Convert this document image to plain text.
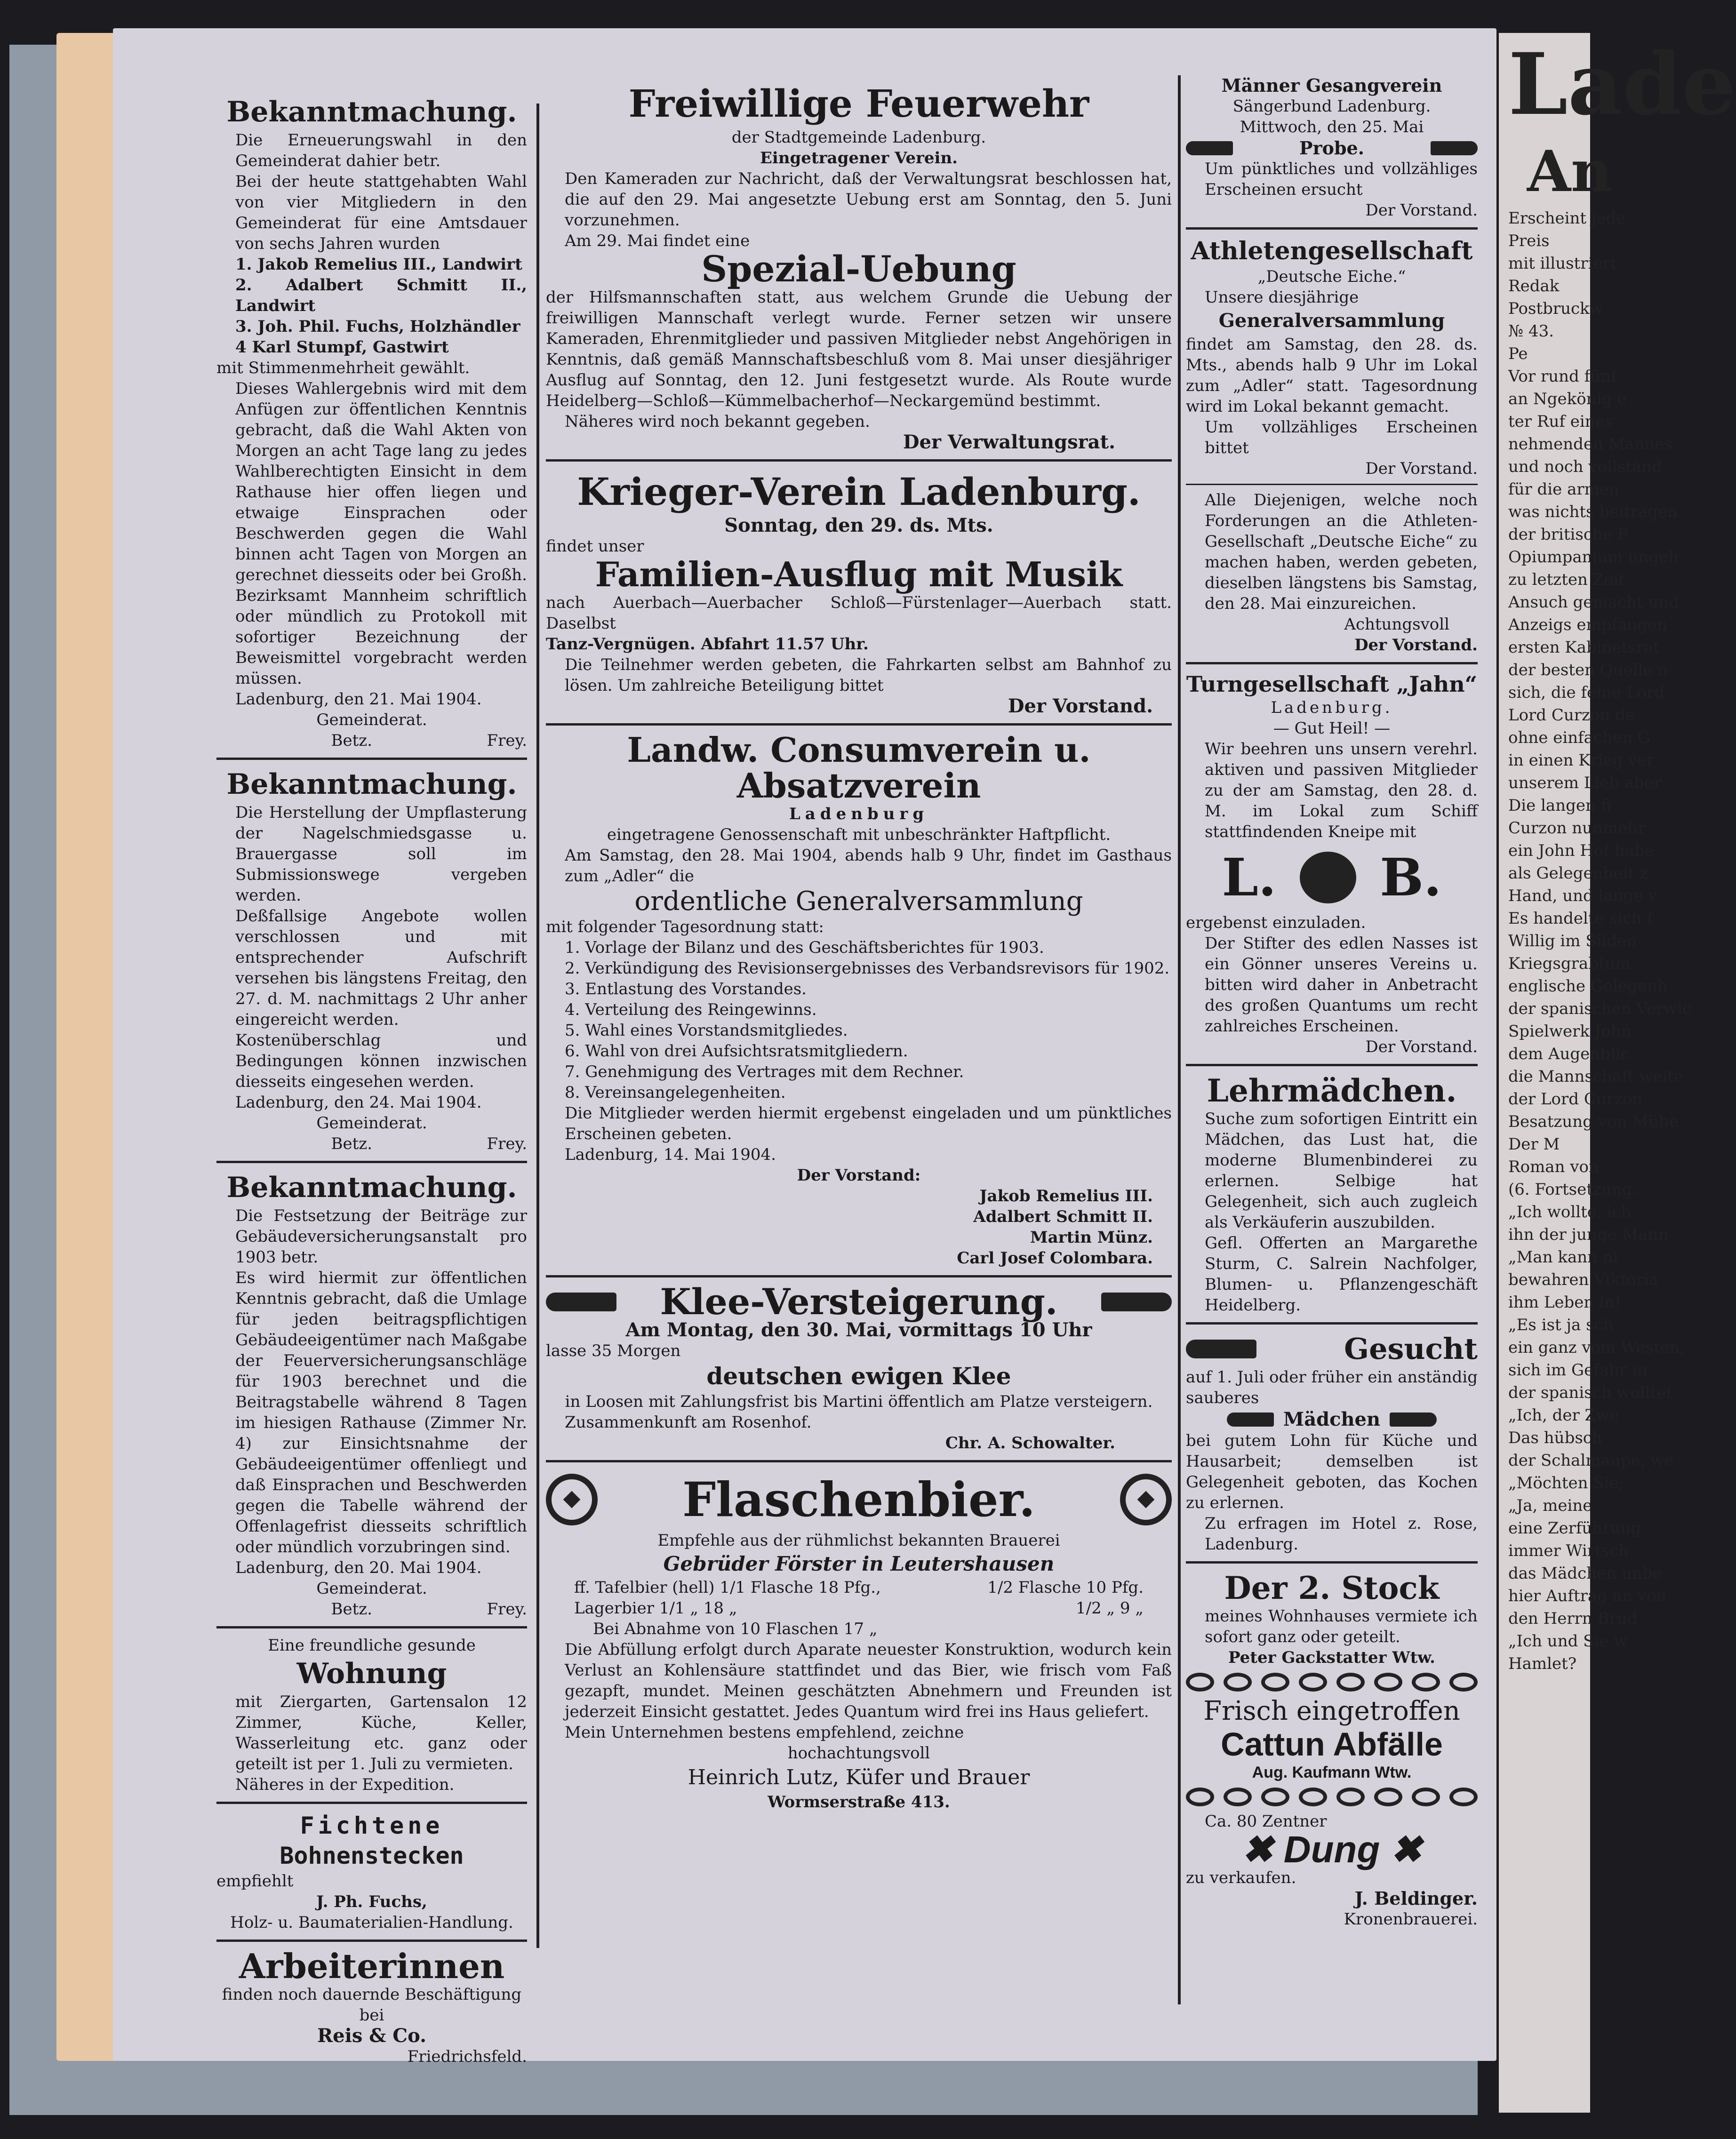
Bekanntmachung.

Die Erneuerungswahl in den Gemeinderat dahier betr.

Bei der heute stattgehabten Wahl von vier Mitgliedern in den Gemeinderat für eine Amtsdauer von sechs Jahren wurden

1. Jakob Remelius III., Landwirt

2. Adalbert Schmitt II., Landwirt

3. Joh. Phil. Fuchs, Holzhändler

4 Karl Stumpf, Gastwirt

mit Stimmenmehrheit gewählt.

Dieses Wahlergebnis wird mit dem Anfügen zur öffentlichen Kenntnis gebracht, daß die Wahl Akten von Morgen an acht Tage lang zu jedes Wahlberechtigten Einsicht in dem Rathause hier offen liegen und etwaige Einsprachen oder Beschwerden gegen die Wahl binnen acht Tagen von Morgen an gerechnet diesseits oder bei Großh. Bezirksamt Mannheim schriftlich oder mündlich zu Protokoll mit sofortiger Bezeichnung der Beweismittel vorgebracht werden müssen.

Ladenburg, den 21. Mai 1904.

Gemeinderat.

Betz.	Frey.
Bekanntmachung.

Die Herstellung der Umpflasterung der Nagelschmiedsgasse u. Brauergasse soll im Submissionswege vergeben werden.

Deßfallsige Angebote wollen verschlossen und mit entsprechender Aufschrift versehen bis längstens Freitag, den 27. d. M. nachmittags 2 Uhr anher eingereicht werden.

Kostenüberschlag und Bedingungen können inzwischen diesseits eingesehen werden.

Ladenburg, den 24. Mai 1904.

Gemeinderat.

Betz.	Frey.
Bekanntmachung.

Die Festsetzung der Beiträge zur Gebäudeversicherungsanstalt pro 1903 betr.

Es wird hiermit zur öffentlichen Kenntnis gebracht, daß die Umlage für jeden beitragspflichtigen Gebäudeeigentümer nach Maßgabe der Feuerversicherungsanschläge für 1903 berechnet und die Beitragstabelle während 8 Tagen im hiesigen Rathause (Zimmer Nr. 4) zur Einsichtsnahme der Gebäudeeigentümer offenliegt und daß Einsprachen und Beschwerden gegen die Tabelle während der Offenlagefrist diesseits schriftlich oder mündlich vorzubringen sind.

Ladenburg, den 20. Mai 1904.

Gemeinderat.

Betz.	Frey.

Eine freundliche gesunde

Wohnung

mit Ziergarten, Gartensalon 12 Zimmer, Küche, Keller, Wasserleitung etc. ganz oder geteilt ist per 1. Juli zu vermieten.

Näheres in der Expedition.

Fichtene
Bohnenstecken

empfiehlt

J. Ph. Fuchs,

Holz- u. Baumaterialien-Handlung.

Arbeiterinnen

finden noch dauernde Beschäftigung bei

Reis & Co.

Friedrichsfeld.

Freiwillige Feuerwehr

der Stadtgemeinde Ladenburg.

Eingetragener Verein.

Den Kameraden zur Nachricht, daß der Verwaltungsrat beschlossen hat, die auf den 29. Mai angesetzte Uebung erst am Sonntag, den 5. Juni vorzunehmen.

Am 29. Mai findet eine

Spezial-Uebung

der Hilfsmannschaften statt, aus welchem Grunde die Uebung der freiwilligen Mannschaft verlegt wurde. Ferner setzen wir unsere Kameraden, Ehrenmitglieder und passiven Mitglieder nebst Angehörigen in Kenntnis, daß gemäß Mannschaftsbeschluß vom 8. Mai unser diesjähriger Ausflug auf Sonntag, den 12. Juni festgesetzt wurde. Als Route wurde Heidelberg—Schloß—Kümmelbacherhof—Neckargemünd bestimmt.

Näheres wird noch bekannt gegeben.

Der Verwaltungsrat.

Krieger-Verein Ladenburg.

Sonntag, den 29. ds. Mts.

findet unser

Familien-Ausflug mit Musik

nach Auerbach—Auerbacher Schloß—Fürstenlager—Auerbach statt. Daselbst

Tanz-Vergnügen. Abfahrt 11.57 Uhr.

Die Teilnehmer werden gebeten, die Fahrkarten selbst am Bahnhof zu lösen. Um zahlreiche Beteiligung bittet

Der Vorstand.

Landw. Consumverein u. Absatzverein

Ladenburg

eingetragene Genossenschaft mit unbeschränkter Haftpflicht.

Am Samstag, den 28. Mai 1904, abends halb 9 Uhr, findet im Gasthaus zum „Adler“ die

ordentliche Generalversammlung

mit folgender Tagesordnung statt:

1. Vorlage der Bilanz und des Geschäftsberichtes für 1903.

2. Verkündigung des Revisionsergebnisses des Verbandsrevisors für 1902.

3. Entlastung des Vorstandes.

4. Verteilung des Reingewinns.

5. Wahl eines Vorstandsmitgliedes.

6. Wahl von drei Aufsichtsratsmitgliedern.

7. Genehmigung des Vertrages mit dem Rechner.

8. Vereinsangelegenheiten.

Die Mitglieder werden hiermit ergebenst eingeladen und um pünktliches Erscheinen gebeten.

Ladenburg, 14. Mai 1904.

Der Vorstand:

Jakob Remelius III.

Adalbert Schmitt II.

Martin Münz.

Carl Josef Colombara.

Klee-Versteigerung.

Am Montag, den 30. Mai, vormittags 10 Uhr

lasse 35 Morgen

deutschen ewigen Klee

in Loosen mit Zahlungsfrist bis Martini öffentlich am Platze versteigern.

Zusammenkunft am Rosenhof.

Chr. A. Schowalter.

Flaschenbier.

Empfehle aus der rühmlichst bekannten Brauerei

Gebrüder Förster in Leutershausen
ff. Tafelbier (hell) 1/1 Flasche 18 Pfg.,	1/2 Flasche 10 Pfg.
Lagerbier 1/1 „ 18 „	1/2 „ 9 „

Bei Abnahme von 10 Flaschen 17 „

Die Abfüllung erfolgt durch Aparate neuester Konstruktion, wodurch kein Verlust an Kohlensäure stattfindet und das Bier, wie frisch vom Faß gezapft, mundet. Meinen geschätzten Abnehmern und Freunden ist jederzeit Einsicht gestattet. Jedes Quantum wird frei ins Haus geliefert.

Mein Unternehmen bestens empfehlend, zeichne

hochachtungsvoll

Heinrich Lutz, Küfer und Brauer

Wormserstraße 413.

Männer Gesangverein

Sängerbund Ladenburg.

Mittwoch, den 25. Mai

Probe.

Um pünktliches und vollzähliges Erscheinen ersucht

Der Vorstand.

Athletengesellschaft

„Deutsche Eiche.“

Unsere diesjährige

Generalversammlung

findet am Samstag, den 28. ds. Mts., abends halb 9 Uhr im Lokal zum „Adler“ statt. Tagesordnung wird im Lokal bekannt gemacht.

Um vollzähliges Erscheinen bittet

Der Vorstand.

Alle Diejenigen, welche noch Forderungen an die Athleten-Gesellschaft „Deutsche Eiche“ zu machen haben, werden gebeten, dieselben längstens bis Samstag, den 28. Mai einzureichen.

Achtungsvoll

Der Vorstand.

Turngesellschaft „Jahn“

Ladenburg.

— Gut Heil! —

Wir beehren uns unsern verehrl. aktiven und passiven Mitglieder zu der am Samstag, den 28. d. M. im Lokal zum Schiff stattfindenden Kneipe mit

L. B.

ergebenst einzuladen.

Der Stifter des edlen Nasses ist ein Gönner unseres Vereins u. bitten wird daher in Anbetracht des großen Quantums um recht zahlreiches Erscheinen.

Der Vorstand.

Lehrmädchen.

Suche zum sofortigen Eintritt ein Mädchen, das Lust hat, die moderne Blumenbinderei zu erlernen. Selbige hat Gelegenheit, sich auch zugleich als Verkäuferin auszubilden.

Gefl. Offerten an Margarethe Sturm, C. Salrein Nachfolger, Blumen- u. Pflanzengeschäft Heidelberg.

Gesucht

auf 1. Juli oder früher ein anständig sauberes

Mädchen

bei gutem Lohn für Küche und Hausarbeit; demselben ist Gelegenheit geboten, das Kochen zu erlernen.

Zu erfragen im Hotel z. Rose, Ladenburg.

Der 2. Stock

meines Wohnhauses vermiete ich sofort ganz oder geteilt.

Peter Gackstatter Wtw.

Frisch eingetroffen
Cattun Abfälle

Aug. Kaufmann Wtw.

Ca. 80 Zentner

✖ Dung ✖

zu verkaufen.

J. Beldinger.

Kronenbrauerei.

Lade
An
Erscheint jede
Preis
mit illustriert
Redak
Postbruckw
№ 43.
Pe
Vor rund fünf
an Ngekönig e
ter Ruf eines
nehmenden Mannes
und noch vollständ
für die armen
was nichts beitragen
der britische P
Opiumpanium ungeh
zu letzten Zeit
Ansuch gemacht und
Anzeigs empfangen
ersten Kabinetsrat
der besten Quelle n
sich, die feine Lord
Lord Curzon de
ohne einfachen G
in einen Krieg ver
unserem Lieb aber
Die langen fi
Curzon nunmehr
ein John Hof habe
als Gelegenheit z
Hand, und lange v
Es handelte sich f
Willig im Süden
Kriegsgrabtum
englische Gelegenh
der spanischen Verwic
Spielwerk John
dem Augenblic
die Mannschaft weite
der Lord Curzon
Besatzung von Mühe
Der M
Roman von
(6. Fortsetzung.
„Ich wollte, ich
ihn der junge Mann
„Man kann ni
bewahren Viktoria
ihm Leben in!
„Es ist ja sch
ein ganz vom Westen,
sich im Gefahr in
der spanisch wolltet
„Ich, der Zwe
Das hübsch
der Schalmaupe, we
„Möchten Sie,
„Ja, meine
eine Zerführung
immer Wirtsch
das Mädchen unbe
hier Auftrag an von
den Herrn Brud
„Ich und Sie w
Hamlet?
